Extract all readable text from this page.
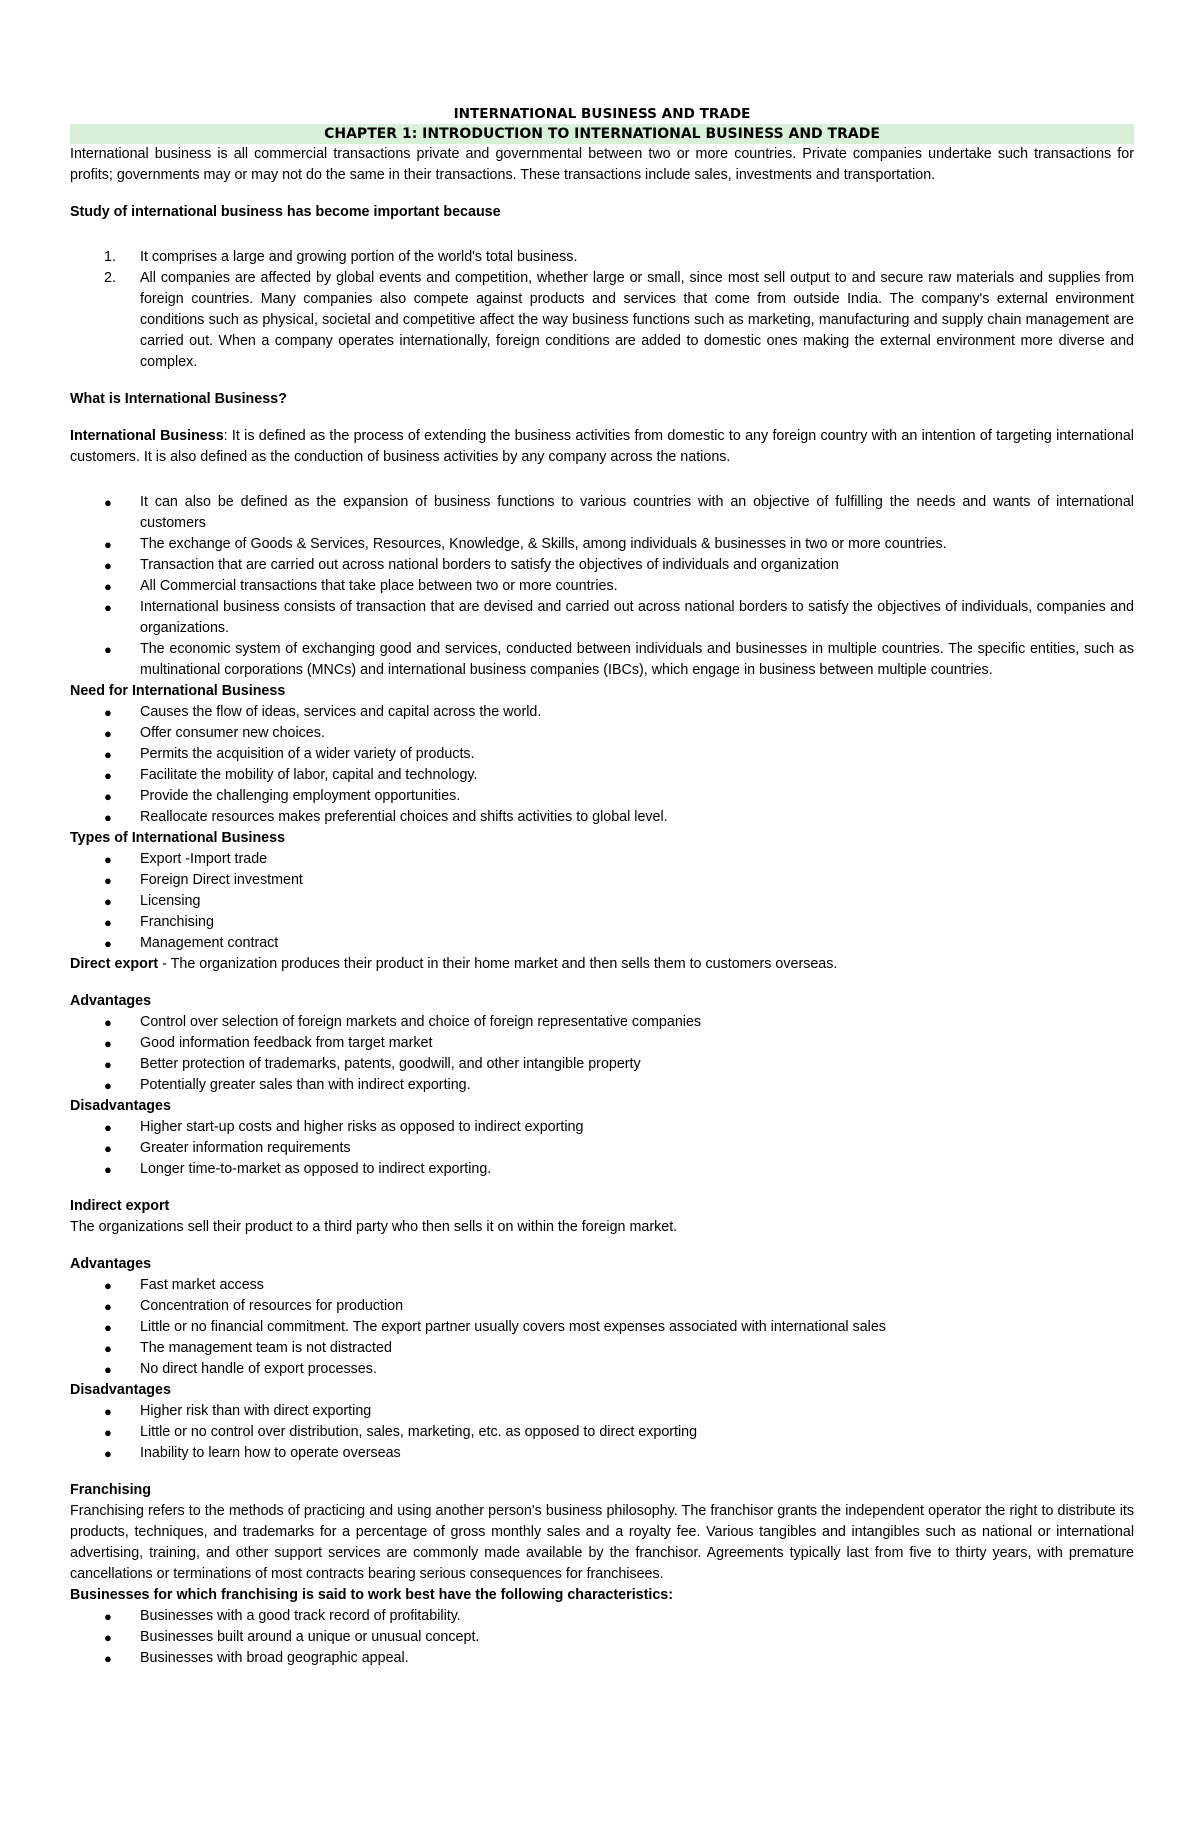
INTERNATIONAL BUSINESS AND TRADE
CHAPTER 1: INTRODUCTION TO INTERNATIONAL BUSINESS AND TRADE

International business is all commercial transactions private and governmental between two or more countries. Private companies undertake such transactions for profits; governments may or may not do the same in their transactions. These transactions include sales, investments and transportation.

Study of international business has become important because

1. It comprises a large and growing portion of the world's total business.
2. All companies are affected by global events and competition, whether large or small, since most sell output to and secure raw materials and supplies from foreign countries. Many companies also compete against products and services that come from outside India. The company's external environment conditions such as physical, societal and competitive affect the way business functions such as marketing, manufacturing and supply chain management are carried out. When a company operates internationally, foreign conditions are added to domestic ones making the external environment more diverse and complex.

What is International Business?

International Business: It is defined as the process of extending the business activities from domestic to any foreign country with an intention of targeting international customers. It is also defined as the conduction of business activities by any company across the nations.

● It can also be defined as the expansion of business functions to various countries with an objective of fulfilling the needs and wants of international customers
● The exchange of Goods & Services, Resources, Knowledge, & Skills, among individuals & businesses in two or more countries.
● Transaction that are carried out across national borders to satisfy the objectives of individuals and organization
● All Commercial transactions that take place between two or more countries.
● International business consists of transaction that are devised and carried out across national borders to satisfy the objectives of individuals, companies and organizations.
● The economic system of exchanging good and services, conducted between individuals and businesses in multiple countries. The specific entities, such as multinational corporations (MNCs) and international business companies (IBCs), which engage in business between multiple countries.

Need for International Business

● Causes the flow of ideas, services and capital across the world.
● Offer consumer new choices.
● Permits the acquisition of a wider variety of products.
● Facilitate the mobility of labor, capital and technology.
● Provide the challenging employment opportunities.
● Reallocate resources makes preferential choices and shifts activities to global level.

Types of International Business

● Export -Import trade
● Foreign Direct investment
● Licensing
● Franchising
● Management contract

Direct export - The organization produces their product in their home market and then sells them to customers overseas.

Advantages

● Control over selection of foreign markets and choice of foreign representative companies
● Good information feedback from target market
● Better protection of trademarks, patents, goodwill, and other intangible property
● Potentially greater sales than with indirect exporting.

Disadvantages

● Higher start-up costs and higher risks as opposed to indirect exporting
● Greater information requirements
● Longer time-to-market as opposed to indirect exporting.

Indirect export

The organizations sell their product to a third party who then sells it on within the foreign market.

Advantages

● Fast market access
● Concentration of resources for production
● Little or no financial commitment. The export partner usually covers most expenses associated with international sales
● The management team is not distracted
● No direct handle of export processes.

Disadvantages

● Higher risk than with direct exporting
● Little or no control over distribution, sales, marketing, etc. as opposed to direct exporting
● Inability to learn how to operate overseas

Franchising

Franchising refers to the methods of practicing and using another person's business philosophy. The franchisor grants the independent operator the right to distribute its products, techniques, and trademarks for a percentage of gross monthly sales and a royalty fee. Various tangibles and intangibles such as national or international advertising, training, and other support services are commonly made available by the franchisor. Agreements typically last from five to thirty years, with premature cancellations or terminations of most contracts bearing serious consequences for franchisees.

Businesses for which franchising is said to work best have the following characteristics:

● Businesses with a good track record of profitability.
● Businesses built around a unique or unusual concept.
● Businesses with broad geographic appeal.
